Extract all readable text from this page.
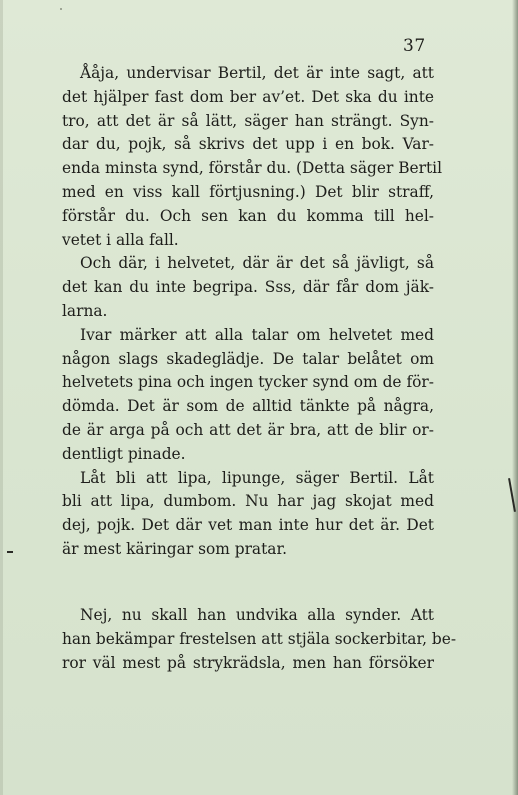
37
Ååja, undervisar Bertil, det är inte sagt, att
det hjälper fast dom ber av’et. Det ska du inte
tro, att det är så lätt, säger han strängt. Syn-
dar du, pojk, så skrivs det upp i en bok. Var-
enda minsta synd, förstår du. (Detta säger Bertil
med en viss kall förtjusning.) Det blir straff,
förstår du. Och sen kan du komma till hel-
vetet i alla fall.
Och där, i helvetet, där är det så jävligt, så
det kan du inte begripa. Sss, där får dom jäk-
larna.
Ivar märker att alla talar om helvetet med
någon slags skadeglädje. De talar belåtet om
helvetets pina och ingen tycker synd om de för-
dömda. Det är som de alltid tänkte på några,
de är arga på och att det är bra, att de blir or-
dentligt pinade.
Låt bli att lipa, lipunge, säger Bertil. Låt
bli att lipa, dumbom. Nu har jag skojat med
dej, pojk. Det där vet man inte hur det är. Det
är mest käringar som pratar.
Nej, nu skall han undvika alla synder. Att
han bekämpar frestelsen att stjäla sockerbitar, be-
ror väl mest på strykrädsla, men han försöker
